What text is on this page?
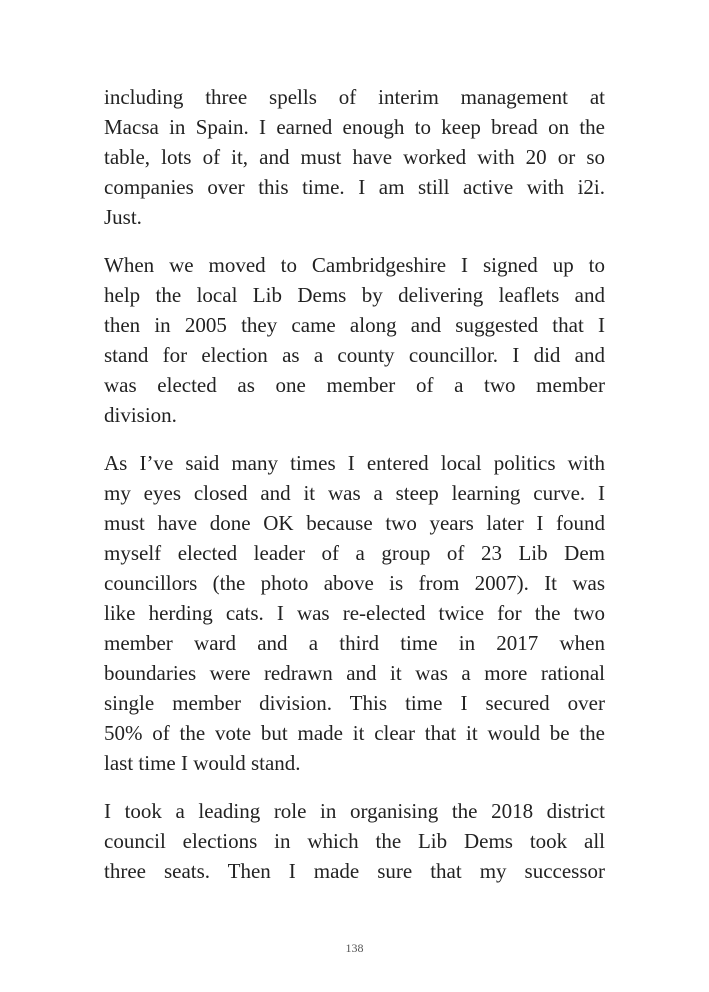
including three spells of interim management at
Macsa in Spain. I earned enough to keep bread on the
table, lots of it, and must have worked with 20 or so
companies over this time. I am still active with i2i.
Just.
When we moved to Cambridgeshire I signed up to
help the local Lib Dems by delivering leaflets and
then in 2005 they came along and suggested that I
stand for election as a county councillor. I did and
was elected as one member of a two member
division.
As I’ve said many times I entered local politics with
my eyes closed and it was a steep learning curve. I
must have done OK because two years later I found
myself elected leader of a group of 23 Lib Dem
councillors (the photo above is from 2007). It was
like herding cats. I was re-elected twice for the two
member ward and a third time in 2017 when
boundaries were redrawn and it was a more rational
single member division. This time I secured over
50% of the vote but made it clear that it would be the
last time I would stand.
I took a leading role in organising the 2018 district
council elections in which the Lib Dems took all
three seats. Then I made sure that my successor
138
